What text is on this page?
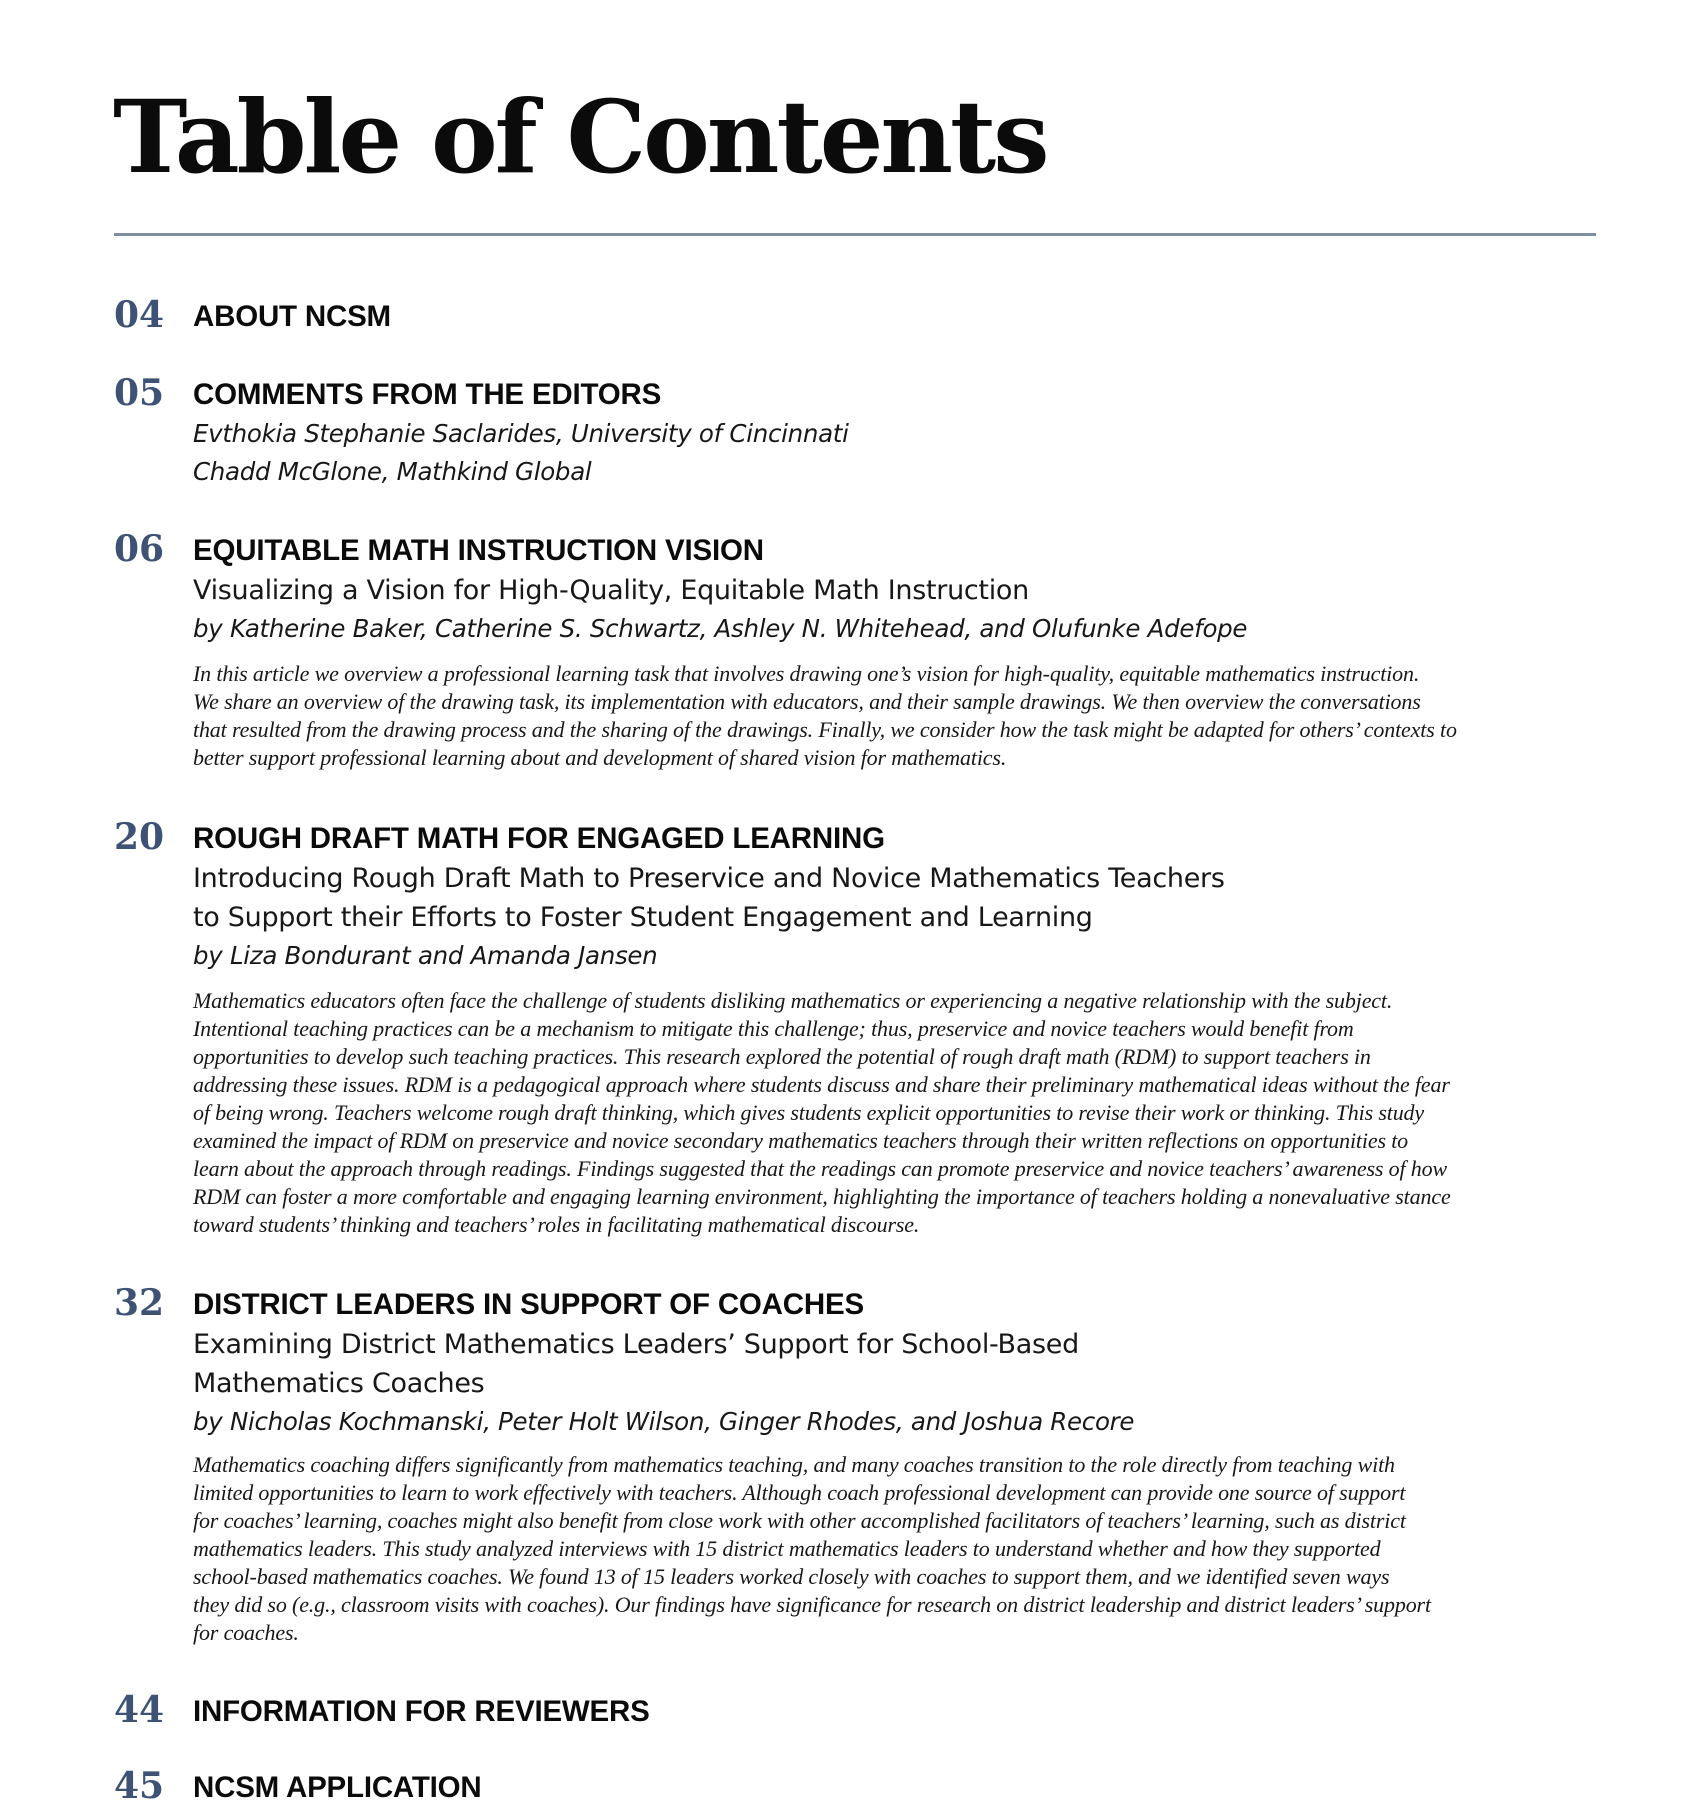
Table of Contents
04 ABOUT NCSM

05 COMMENTS FROM THE EDITORS

Evthokia Stephanie Saclarides, University of Cincinnati

Chadd McGlone, Mathkind Global

06 EQUITABLE MATH INSTRUCTION VISION

Visualizing a Vision for High-Quality, Equitable Math Instruction

by Katherine Baker, Catherine S. Schwartz, Ashley N. Whitehead, and Olufunke Adefope

In this article we overview a professional learning task that involves drawing one’s vision for high-quality, equitable mathematics instruction.
We share an overview of the drawing task, its implementation with educators, and their sample drawings. We then overview the conversations
that resulted from the drawing process and the sharing of the drawings. Finally, we consider how the task might be adapted for others’ contexts to
better support professional learning about and development of shared vision for mathematics.
20 ROUGH DRAFT MATH FOR ENGAGED LEARNING

Introducing Rough Draft Math to Preservice and Novice Mathematics Teachers

to Support their Efforts to Foster Student Engagement and Learning

by Liza Bondurant and Amanda Jansen

Mathematics educators often face the challenge of students disliking mathematics or experiencing a negative relationship with the subject.
Intentional teaching practices can be a mechanism to mitigate this challenge; thus, preservice and novice teachers would benefit from
opportunities to develop such teaching practices. This research explored the potential of rough draft math (RDM) to support teachers in
addressing these issues. RDM is a pedagogical approach where students discuss and share their preliminary mathematical ideas without the fear
of being wrong. Teachers welcome rough draft thinking, which gives students explicit opportunities to revise their work or thinking. This study
examined the impact of RDM on preservice and novice secondary mathematics teachers through their written reflections on opportunities to
learn about the approach through readings. Findings suggested that the readings can promote preservice and novice teachers’ awareness of how
RDM can foster a more comfortable and engaging learning environment, highlighting the importance of teachers holding a nonevaluative stance
toward students’ thinking and teachers’ roles in facilitating mathematical discourse.
32 DISTRICT LEADERS IN SUPPORT OF COACHES

Examining District Mathematics Leaders’ Support for School-Based

Mathematics Coaches

by Nicholas Kochmanski, Peter Holt Wilson, Ginger Rhodes, and Joshua Recore

Mathematics coaching differs significantly from mathematics teaching, and many coaches transition to the role directly from teaching with
limited opportunities to learn to work effectively with teachers. Although coach professional development can provide one source of support
for coaches’ learning, coaches might also benefit from close work with other accomplished facilitators of teachers’ learning, such as district
mathematics leaders. This study analyzed interviews with 15 district mathematics leaders to understand whether and how they supported
school-based mathematics coaches. We found 13 of 15 leaders worked closely with coaches to support them, and we identified seven ways
they did so (e.g., classroom visits with coaches). Our findings have significance for research on district leadership and district leaders’ support
for coaches.
44 INFORMATION FOR REVIEWERS

45 NCSM APPLICATION
